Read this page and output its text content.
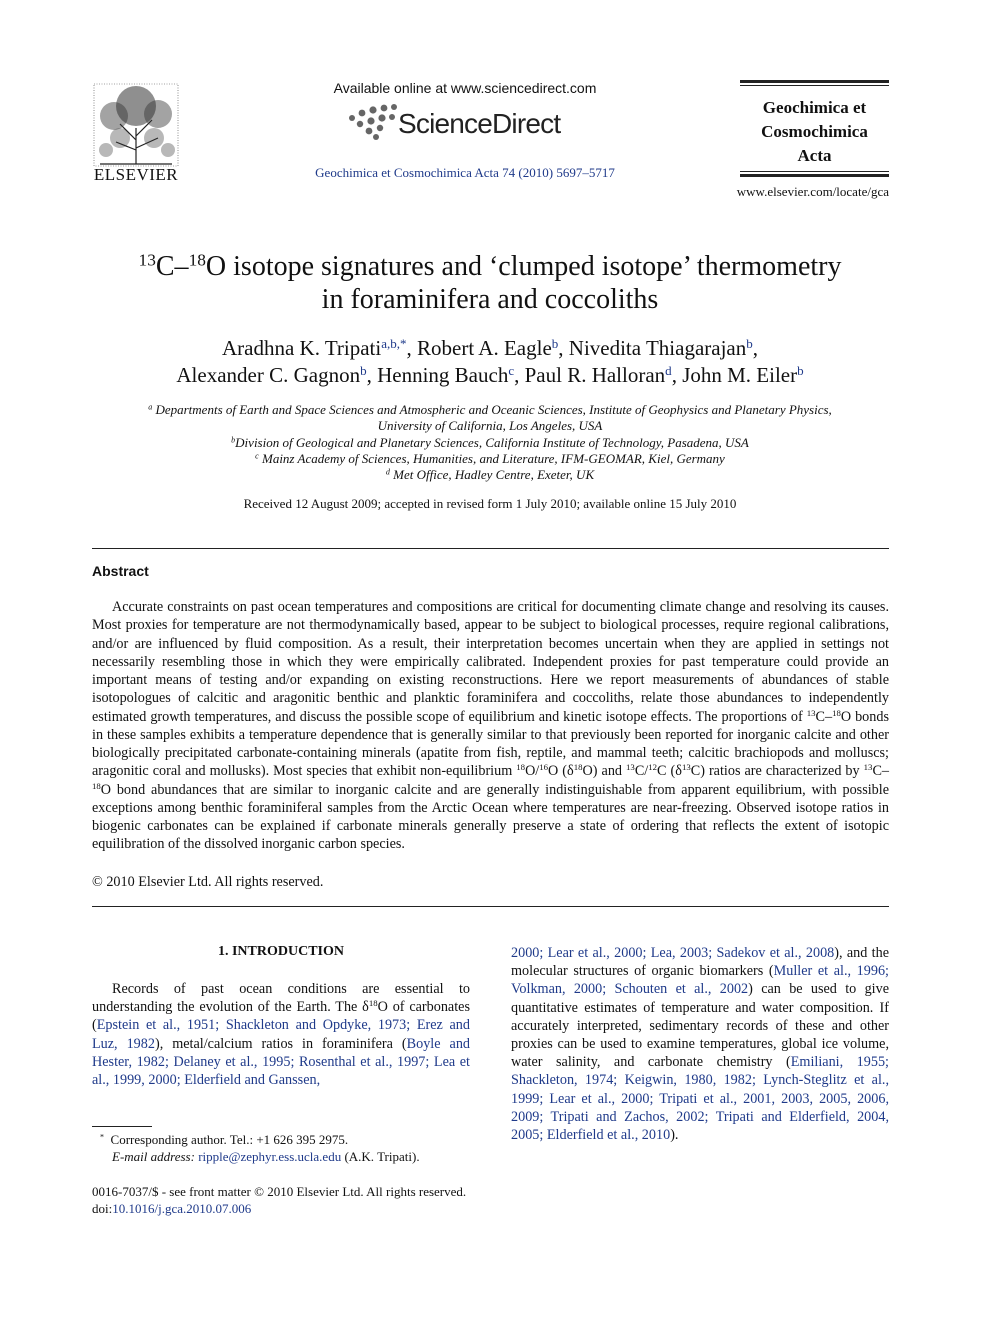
ELSEVIER
Available online at www.sciencedirect.com
ScienceDirect
Geochimica et Cosmochimica Acta 74 (2010) 5697–5717
Geochimica et
Cosmochimica
Acta
www.elsevier.com/locate/gca
$^{13}$C–$^{18}$O isotope signatures and ‘clumped isotope’ thermometry
in foraminifera and coccoliths
Aradhna K. Tripati$^{a,b,*}$, Robert A. Eagle$^b$, Nivedita Thiagarajan$^b$,
Alexander C. Gagnon$^b$, Henning Bauch$^c$, Paul R. Halloran$^d$, John M. Eiler$^b$
$^a$ Departments of Earth and Space Sciences and Atmospheric and Oceanic Sciences, Institute of Geophysics and Planetary Physics,
University of California, Los Angeles, USA
$^b$Division of Geological and Planetary Sciences, California Institute of Technology, Pasadena, USA
$^c$ Mainz Academy of Sciences, Humanities, and Literature, IFM-GEOMAR, Kiel, Germany
$^d$ Met Office, Hadley Centre, Exeter, UK
Received 12 August 2009; accepted in revised form 1 July 2010; available online 15 July 2010
Abstract

Accurate constraints on past ocean temperatures and compositions are critical for documenting climate change and resolving its causes. Most proxies for temperature are not thermodynamically based, appear to be subject to biological processes, require regional calibrations, and/or are influenced by fluid composition. As a result, their interpretation becomes uncertain when they are applied in settings not necessarily resembling those in which they were empirically calibrated. Independent proxies for past temperature could provide an important means of testing and/or expanding on existing reconstructions. Here we report measurements of abundances of stable isotopologues of calcitic and aragonitic benthic and planktic foraminifera and coccoliths, relate those abundances to independently estimated growth temperatures, and discuss the possible scope of equilibrium and kinetic isotope effects. The proportions of $^{13}$C–$^{18}$O bonds in these samples exhibits a temperature dependence that is generally similar to that previously been reported for inorganic calcite and other biologically precipitated carbonate-containing minerals (apatite from fish, reptile, and mammal teeth; calcitic brachiopods and molluscs; aragonitic coral and mollusks). Most species that exhibit non-equilibrium $^{18}$O/$^{16}$O $(\delta^{18}O)$ and $^{13}$C/$^{12}$C $(\delta^{13}C)$ ratios are characterized by $^{13}$C–$^{18}$O bond abundances that are similar to inorganic calcite and are generally indistinguishable from apparent equilibrium, with possible exceptions among benthic foraminiferal samples from the Arctic Ocean where temperatures are near-freezing. Observed isotope ratios in biogenic carbonates can be explained if carbonate minerals generally preserve a state of ordering that reflects the extent of isotopic equilibration of the dissolved inorganic carbon species.

© 2010 Elsevier Ltd. All rights reserved.
1. INTRODUCTION

Records of past ocean conditions are essential to understanding the evolution of the Earth. The $\delta^{18}O$ of carbonates (Epstein et al., 1951; Shackleton and Opdyke, 1973; Erez and Luz, 1982), metal/calcium ratios in foraminifera (Boyle and Hester, 1982; Delaney et al., 1995; Rosenthal et al., 1997; Lea et al., 1999, 2000; Elderfield and Ganssen,

2000; Lear et al., 2000; Lea, 2003; Sadekov et al., 2008), and the molecular structures of organic biomarkers (Muller et al., 1996; Volkman, 2000; Schouten et al., 2002) can be used to give quantitative estimates of temperature and water composition. If accurately interpreted, sedimentary records of these and other proxies can be used to examine temperatures, global ice volume, water salinity, and carbonate chemistry (Emiliani, 1955; Shackleton, 1974; Keigwin, 1980, 1982; Lynch-Steglitz et al., 1999; Lear et al., 2000; Tripati et al., 2001, 2003, 2005, 2006, 2009; Tripati and Zachos, 2002; Tripati and Elderfield, 2004, 2005; Elderfield et al., 2010).

* Corresponding author. Tel.: +1 626 395 2975.
E-mail address: ripple@zephyr.ess.ucla.edu (A.K. Tripati).
0016-7037/$ - see front matter © 2010 Elsevier Ltd. All rights reserved.
doi:10.1016/j.gca.2010.07.006
